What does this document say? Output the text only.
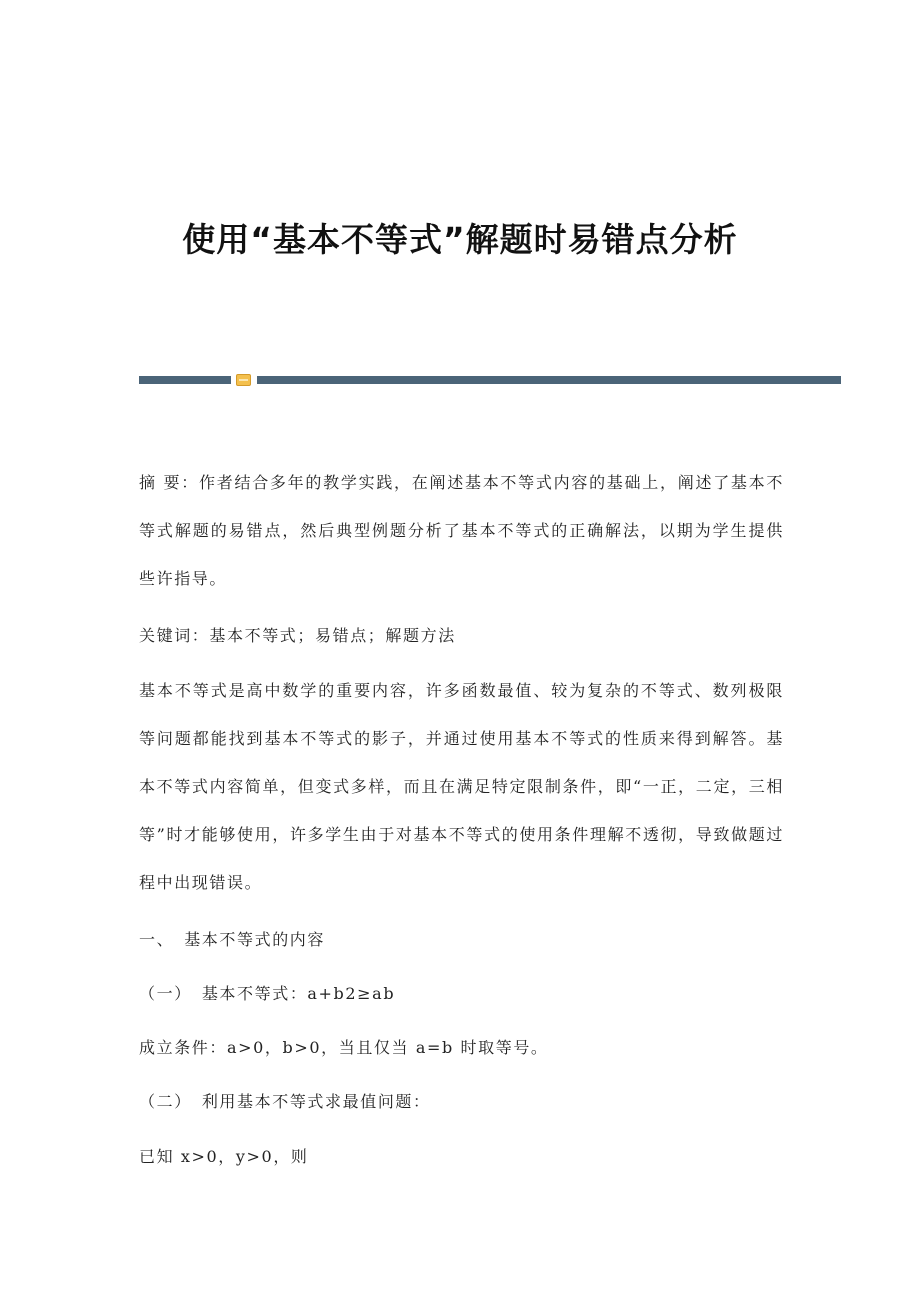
使用“基本不等式”解题时易错点分析

摘 要：作者结合多年的教学实践，在阐述基本不等式内容的基础上，阐述了基本不等式解题的易错点，然后典型例题分析了基本不等式的正确解法，以期为学生提供些许指导。

关键词：基本不等式；易错点；解题方法

基本不等式是高中数学的重要内容，许多函数最值、较为复杂的不等式、数列极限等问题都能找到基本不等式的影子，并通过使用基本不等式的性质来得到解答。基本不等式内容简单，但变式多样，而且在满足特定限制条件，即“一正，二定，三相等”时才能够使用，许多学生由于对基本不等式的使用条件理解不透彻，导致做题过程中出现错误。

一、 基本不等式的内容

（一） 基本不等式：a+b2≥ab

成立条件：a>0，b>0，当且仅当 a=b 时取等号。

（二） 利用基本不等式求最值问题：

已知 x>0，y>0，则
